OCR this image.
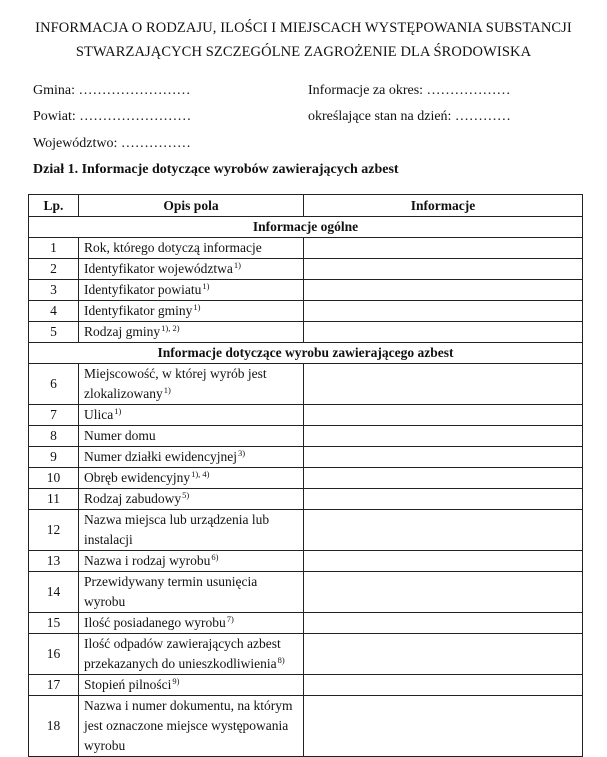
INFORMACJA O RODZAJU, ILOŚCI I MIEJSCACH WYSTĘPOWANIA SUBSTANCJI
STWARZAJĄCYCH SZCZEGÓLNE ZAGROŻENIE DLA ŚRODOWISKA
Gmina: ……………………
Powiat: ……………………
Województwo: ……………
Informacje za okres: ………………
określające stan na dzień: …………
Dział 1. Informacje dotyczące wyrobów zawierających azbest
Lp.	Opis pola	Informacje
Informacje ogólne		
1	Rok, którego dotyczą informacje	
2	Identyfikator województwa$^{1)}$	
3	Identyfikator powiatu$^{1)}$	
4	Identyfikator gminy$^{1)}$	
5	Rodzaj gminy$^{1), 2)}$	
Informacje dotyczące wyrobu zawierającego azbest		
6	Miejscowość, w której wyrób jest zlokalizowany$^{1)}$	
7	Ulica$^{1)}$	
8	Numer domu	
9	Numer działki ewidencyjnej$^{3)}$	
10	Obręb ewidencyjny$^{1), 4)}$	
11	Rodzaj zabudowy$^{5)}$	
12	Nazwa miejsca lub urządzenia lub instalacji	
13	Nazwa i rodzaj wyrobu$^{6)}$	
14	Przewidywany termin usunięcia wyrobu	
15	Ilość posiadanego wyrobu$^{7)}$	
16	Ilość odpadów zawierających azbest przekazanych do unieszkodliwienia$^{8)}$	
17	Stopień pilności$^{9)}$	
18	Nazwa i numer dokumentu, na którym jest oznaczone miejsce występowania wyrobu	
